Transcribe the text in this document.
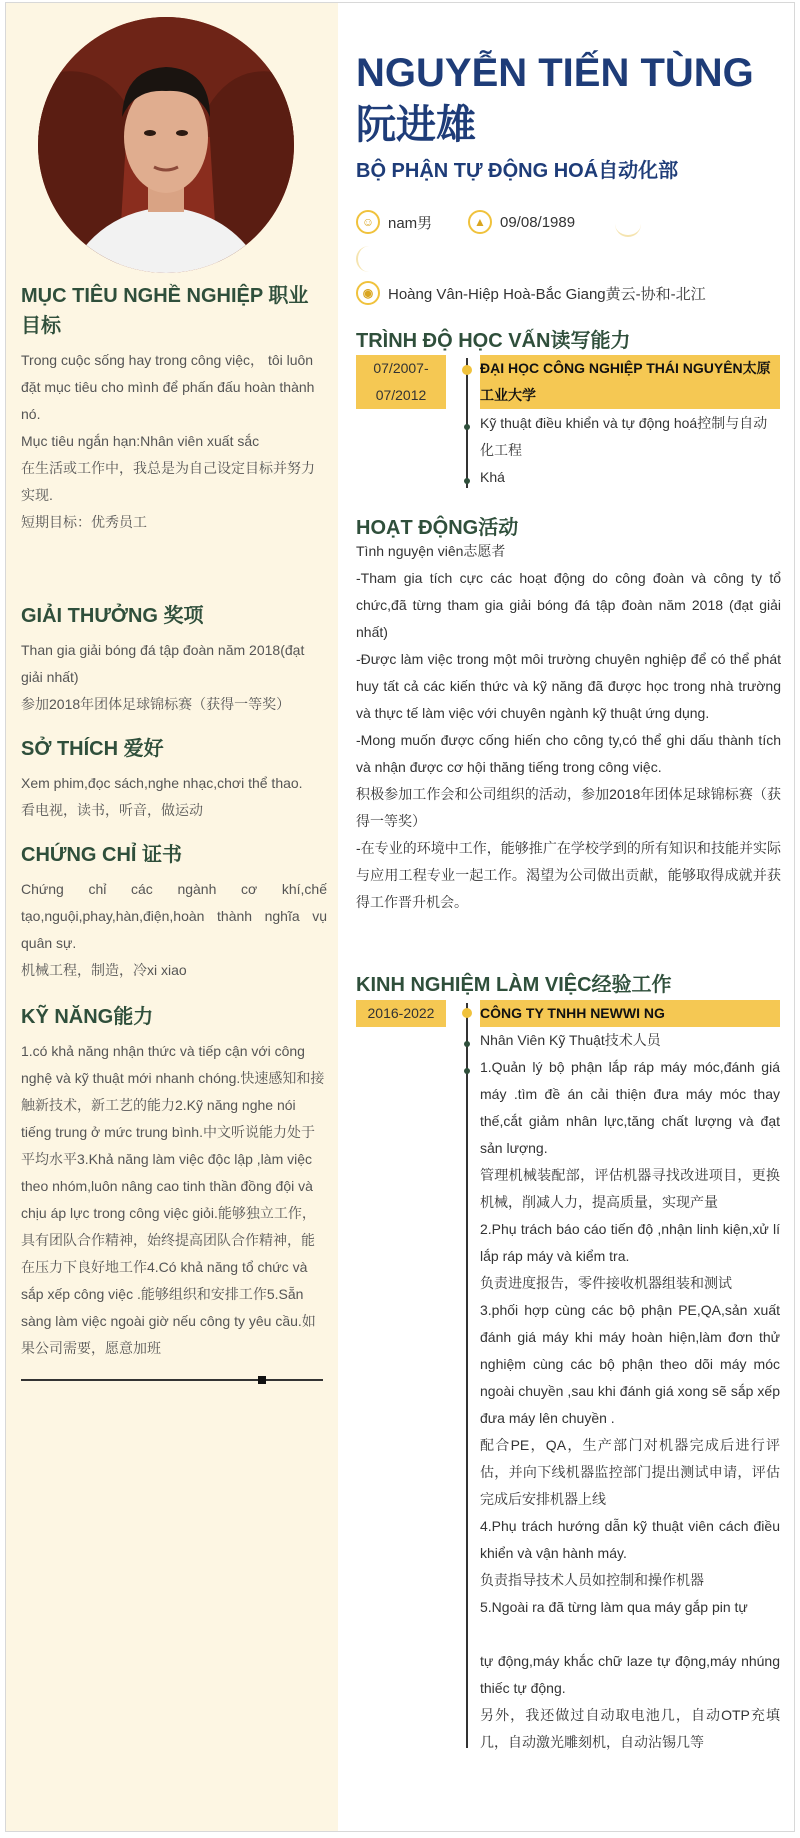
MỤC TIÊU NGHỀ NGHIỆP 职业目标

Trong cuộc sống hay trong công việc， tôi luôn đặt mục tiêu cho mình để phấn đấu hoàn thành nó.

Mục tiêu ngắn hạn:Nhân viên xuất sắc

在生活或工作中，我总是为自己设定目标并努力实现.

短期目标：优秀员工

GIẢI THƯỞNG 奖项

Than gia giải bóng đá tập đoàn năm 2018(đạt giải nhất)

参加2018年团体足球锦标赛（获得一等奖）

SỞ THÍCH 爱好

Xem phim,đọc sách,nghe nhạc,chơi thể thao.

看电视，读书，听音，做运动

CHỨNG CHỈ 证书

Chứng chỉ các ngành cơ khí,chế tạo,nguội,phay,hàn,điện,hoàn thành nghĩa vụ quân sự.

机械工程，制造，冷xi xiao

KỸ NĂNG能力

1.có khả năng nhận thức và tiếp cận với công nghệ và kỹ thuật mới nhanh chóng.快速感知和接触新技术，新工艺的能力2.Kỹ năng nghe nói tiếng trung ở mức trung bình.中文听说能力处于平均水平3.Khả năng làm việc độc lập ,làm việc theo nhóm,luôn nâng cao tinh thần đồng đội và chịu áp lực trong công việc giỏi.能够独立工作，具有团队合作精神，始终提高团队合作精神，能在压力下良好地工作4.Có khả năng tổ chức và sắp xếp công việc .能够组织和安排工作5.Sẵn sàng làm việc ngoài giờ nếu công ty yêu cầu.如果公司需要，愿意加班

NGUYỄN TIẾN TÙNG阮进雄
BỘ PHẬN TỰ ĐỘNG HOÁ自动化部
☺ nam男	▲ 09/08/1989
◉ Hoàng Vân-Hiệp Hoà-Bắc Giang黄云-协和-北江
TRÌNH ĐỘ HỌC VẤN读写能力
07/2007-07/2012
ĐẠI HỌC CÔNG NGHIỆP THÁI NGUYÊN太原工业大学

Kỹ thuật điều khiển và tự động hoá控制与自动化工程

Khá

HOẠT ĐỘNG活动

Tình nguyện viên志愿者

-Tham gia tích cực các hoạt động do công đoàn và công ty tổ chức,đã từng tham gia giải bóng đá tập đoàn năm 2018 (đạt giải nhất)

-Được làm việc trong một môi trường chuyên nghiệp để có thể phát huy tất cả các kiến thức và kỹ năng đã được học trong nhà trường và thực tế làm việc với chuyên ngành kỹ thuật ứng dụng.

-Mong muốn được cống hiến cho công ty,có thể ghi dấu thành tích và nhận được cơ hội thăng tiếng trong công việc.

积极参加工作会和公司组织的活动，参加2018年团体足球锦标赛（获得一等奖）

-在专业的环境中工作，能够推广在学校学到的所有知识和技能并实际与应用工程专业一起工作。渴望为公司做出贡献，能够取得成就并获得工作晋升机会。

KINH NGHIỆM LÀM VIỆC经验工作
2016-2022	CÔNG TY TNHH NEWWI NG

Nhân Viên Kỹ Thuật技术人员

1.Quản lý bộ phận lắp ráp máy móc,đánh giá máy .tìm đề án cải thiện đưa máy móc thay thế,cắt giảm nhân lực,tăng chất lượng và đạt sản lượng.

管理机械装配部，评估机器寻找改进项目，更换机械，削减人力，提高质量，实现产量

2.Phụ trách báo cáo tiến độ ,nhận linh kiện,xử lí lắp ráp máy và kiểm tra.

负责进度报告，零件接收机器组装和测试

3.phối hợp cùng các bộ phận PE,QA,sản xuất đánh giá máy khi máy hoàn hiện,làm đơn thử nghiệm cùng các bộ phận theo dõi máy móc ngoài chuyền ,sau khi đánh giá xong sẽ sắp xếp đưa máy lên chuyền .

配合PE，QA，生产部门对机器完成后进行评估，并向下线机器监控部门提出测试申请，评估完成后安排机器上线

4.Phụ trách hướng dẫn kỹ thuật viên cách điều khiển và vận hành máy.

负责指导技术人员如控制和操作机器

5.Ngoài ra đã từng làm qua máy gắp pin tự

tự động,máy khắc chữ laze tự động,máy nhúng thiếc tự động.

另外，我还做过自动取电池几，自动OTP充填几，自动激光雕刻机，自动沾锡几等
